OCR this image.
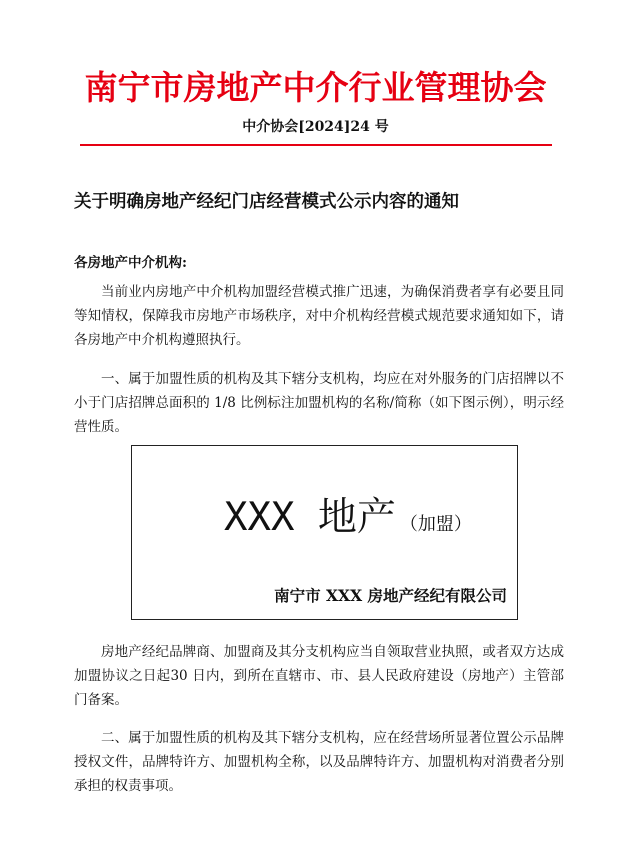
南宁市房地产中介行业管理协会
中介协会[2024]24 号
关于明确房地产经纪门店经营模式公示内容的通知
各房地产中介机构:

当前业内房地产中介机构加盟经营模式推广迅速，为确保消费者享有必要且同等知情权，保障我市房地产市场秩序，对中介机构经营模式规范要求通知如下，请各房地产中介机构遵照执行。

一、属于加盟性质的机构及其下辖分支机构，均应在对外服务的门店招牌以不小于门店招牌总面积的 1/8 比例标注加盟机构的名称/简称（如下图示例），明示经营性质。

XXX 地产 （加盟）
南宁市 XXX 房地产经纪有限公司

房地产经纪品牌商、加盟商及其分支机构应当自领取营业执照，或者双方达成加盟协议之日起30 日内，到所在直辖市、市、县人民政府建设（房地产）主管部门备案。

二、属于加盟性质的机构及其下辖分支机构，应在经营场所显著位置公示品牌授权文件，品牌特许方、加盟机构全称，以及品牌特许方、加盟机构对消费者分别承担的权责事项。
